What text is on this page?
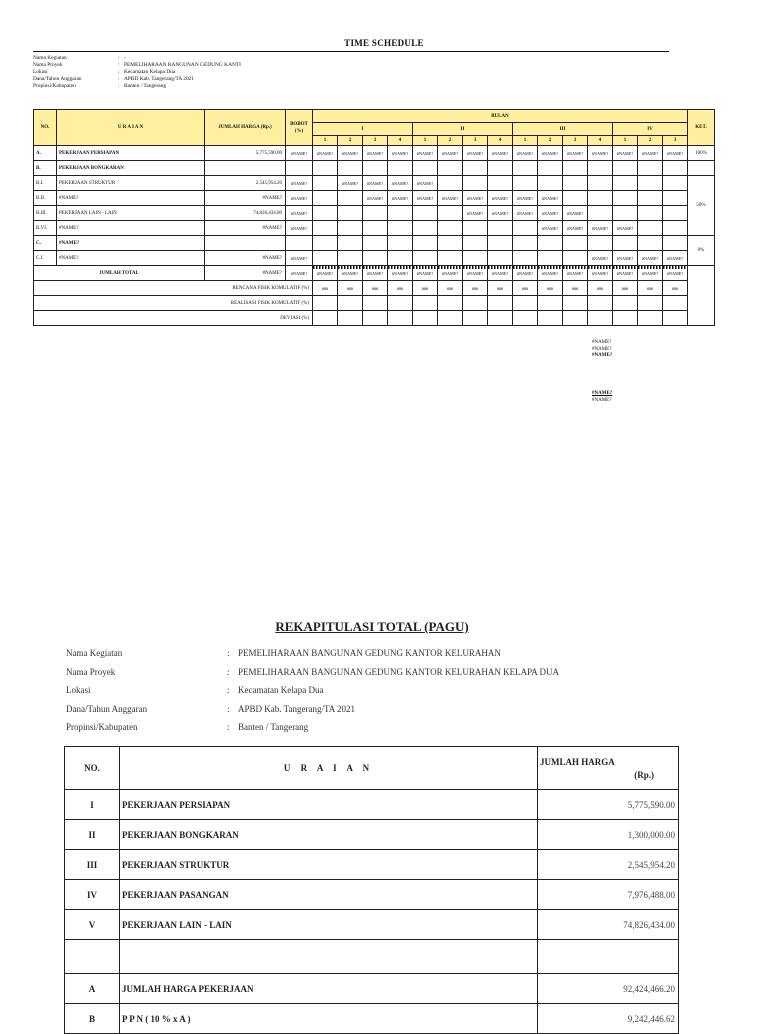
TIME SCHEDULE
Nama Kegiatan	: -
Nama Proyek	: PEMELIHARAAN BANGUNAN GEDUNG KANTI
Lokasi	: Kecamatan Kelapa Dua
Dana/Tahun Anggaran	: APBD Kab. Tangerang/TA 2021
Propinsi/Kabupaten	: Banten / Tangerang
NO.	U R A I A N	JUMLAH HARGA (Rp.)	BOBOT (%)	BULAN															KET.
				I				II				III				IV			
				1	2	3	4	1	2	3	4	1	2	3	4	1	2	3	
A.	PEKERJAAN PERSIAPAN	5,775,590.00	#NAME?	#NAME?	#NAME?	#NAME?	#NAME?	#NAME?	#NAME?	#NAME?	#NAME?	#NAME?	#NAME?	#NAME?	#NAME?	#NAME?	#NAME?	#NAME?	100%
B.	PEKERJAAN BONGKARAN																		
B.I.	PEKERJAAN STRUKTUR	2,545,954.20	#NAME?		#NAME?	#NAME?	#NAME?	#NAME?											50%
B.II.	#NAME?	#NAME?	#NAME?			#NAME?	#NAME?	#NAME?	#NAME?	#NAME?	#NAME?	#NAME?	#NAME?						
B.III.	PEKERJAAN LAIN - LAIN	74,826,434.00	#NAME?							#NAME?	#NAME?	#NAME?	#NAME?	#NAME?					
B.VI.	#NAME?	#NAME?	#NAME?										#NAME?	#NAME?	#NAME?	#NAME?			
C.	#NAME?																		0%
C.I.	#NAME?	#NAME?	#NAME?												#NAME?	#NAME?	#NAME?	#NAME?	
JUMLAH TOTAL		#NAME?	#NAME?	#NAME?	#NAME?	#NAME?	#NAME?	#NAME?	#NAME?	#NAME?	#NAME?	#NAME?	#NAME?	#NAME?	#NAME?	#NAME?	#NAME?	#NAME?	
RENCANA FISIK KOMULATIF (%)				###	###	###	###	###	###	###	###	###	###	###	###	###	###	###	
REALISASI FISIK KOMULATIF (%)																			
DEVIASI (%)																			
#NAME?
#NAME?
#NAME?
#NAME?
#NAME?
REKAPITULASI TOTAL (PAGU)
Nama Kegiatan	: PEMELIHARAAN BANGUNAN GEDUNG KANTOR KELURAHAN
Nama Proyek	: PEMELIHARAAN BANGUNAN GEDUNG KANTOR KELURAHAN KELAPA DUA
Lokasi	: Kecamatan Kelapa Dua
Dana/Tahun Anggaran	: APBD Kab. Tangerang/TA 2021
Propinsi/Kabupaten	: Banten / Tangerang
NO.	U R A I A N	JUMLAH HARGA
(Rp.)

I	PEKERJAAN PERSIAPAN	5,775,590.00
II	PEKERJAAN BONGKARAN	1,300,000.00
III	PEKERJAAN STRUKTUR	2,545,954.20
IV	PEKERJAAN PASANGAN	7,976,488.00
V	PEKERJAAN LAIN - LAIN	74,826,434.00

A	JUMLAH HARGA PEKERJAAN	92,424,466.20
B	P P N ( 10 % x A )	9,242,446.62
